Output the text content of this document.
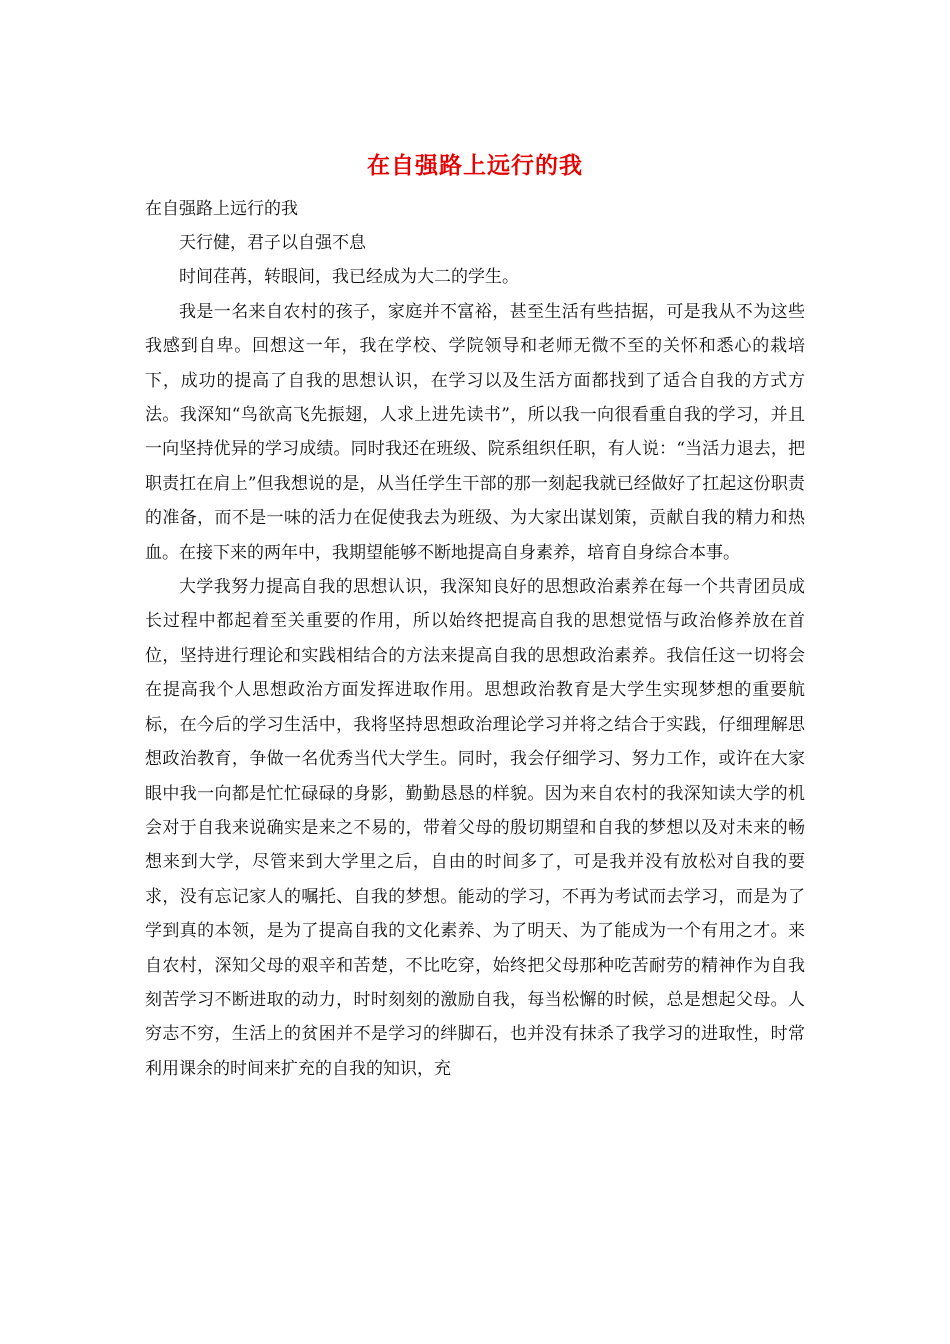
在自强路上远行的我

在自强路上远行的我

天行健，君子以自强不息

时间荏苒，转眼间，我已经成为大二的学生。

我是一名来自农村的孩子，家庭并不富裕，甚至生活有些拮据，可是我从不为这些我感到自卑。回想这一年，我在学校、学院领导和老师无微不至的关怀和悉心的栽培下，成功的提高了自我的思想认识，在学习以及生活方面都找到了适合自我的方式方法。我深知“鸟欲高飞先振翅，人求上进先读书”，所以我一向很看重自我的学习，并且一向坚持优异的学习成绩。同时我还在班级、院系组织任职，有人说：“当活力退去，把职责扛在肩上”但我想说的是，从当任学生干部的那一刻起我就已经做好了扛起这份职责的准备，而不是一味的活力在促使我去为班级、为大家出谋划策，贡献自我的精力和热血。在接下来的两年中，我期望能够不断地提高自身素养，培育自身综合本事。

大学我努力提高自我的思想认识，我深知良好的思想政治素养在每一个共青团员成长过程中都起着至关重要的作用，所以始终把提高自我的思想觉悟与政治修养放在首位，坚持进行理论和实践相结合的方法来提高自我的思想政治素养。我信任这一切将会在提高我个人思想政治方面发挥进取作用。思想政治教育是大学生实现梦想的重要航标，在今后的学习生活中，我将坚持思想政治理论学习并将之结合于实践，仔细理解思想政治教育，争做一名优秀当代大学生。同时，我会仔细学习、努力工作，或许在大家眼中我一向都是忙忙碌碌的身影，勤勤恳恳的样貌。因为来自农村的我深知读大学的机会对于自我来说确实是来之不易的，带着父母的殷切期望和自我的梦想以及对未来的畅想来到大学，尽管来到大学里之后，自由的时间多了，可是我并没有放松对自我的要求，没有忘记家人的嘱托、自我的梦想。能动的学习，不再为考试而去学习，而是为了学到真的本领，是为了提高自我的文化素养、为了明天、为了能成为一个有用之才。来自农村，深知父母的艰辛和苦楚，不比吃穿，始终把父母那种吃苦耐劳的精神作为自我刻苦学习不断进取的动力，时时刻刻的激励自我，每当松懈的时候，总是想起父母。人穷志不穷，生活上的贫困并不是学习的绊脚石，也并没有抹杀了我学习的进取性，时常利用课余的时间来扩充的自我的知识，充
